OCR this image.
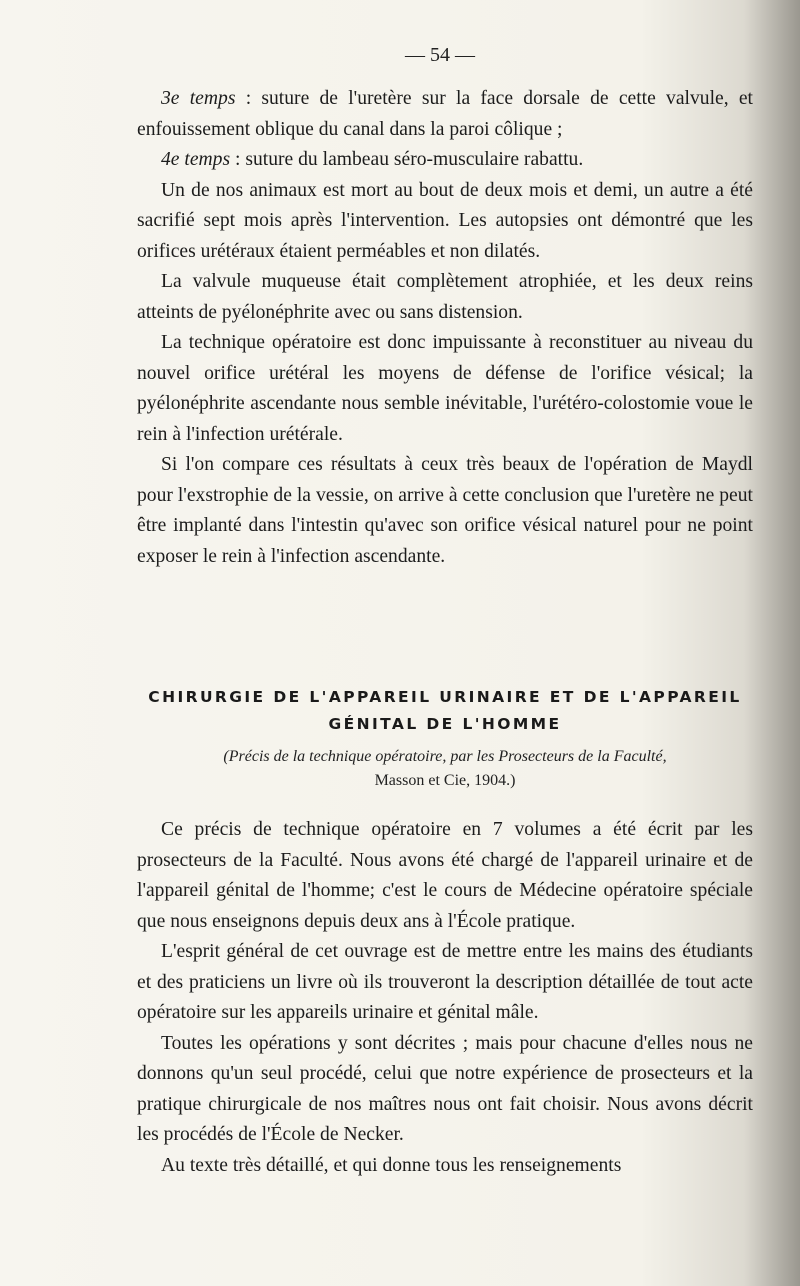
— 54 —

3e temps : suture de l'uretère sur la face dorsale de cette valvule, et enfouissement oblique du canal dans la paroi côlique ;

4e temps : suture du lambeau séro-musculaire rabattu.

Un de nos animaux est mort au bout de deux mois et demi, un autre a été sacrifié sept mois après l'intervention. Les autopsies ont démontré que les orifices urétéraux étaient perméables et non dilatés.

La valvule muqueuse était complètement atrophiée, et les deux reins atteints de pyélonéphrite avec ou sans distension.

La technique opératoire est donc impuissante à reconstituer au niveau du nouvel orifice urétéral les moyens de défense de l'orifice vésical; la pyélonéphrite ascendante nous semble inévitable, l'urétéro-colostomie voue le rein à l'infection urétérale.

Si l'on compare ces résultats à ceux très beaux de l'opération de Maydl pour l'exstrophie de la vessie, on arrive à cette conclusion que l'uretère ne peut être implanté dans l'intestin qu'avec son orifice vésical naturel pour ne point exposer le rein à l'infection ascendante.

CHIRURGIE DE L'APPAREIL URINAIRE ET DE L'APPAREIL
GÉNITAL DE L'HOMME
(Précis de la technique opératoire, par les Prosecteurs de la Faculté,
Masson et Cie, 1904.)

Ce précis de technique opératoire en 7 volumes a été écrit par les prosecteurs de la Faculté. Nous avons été chargé de l'appareil urinaire et de l'appareil génital de l'homme; c'est le cours de Médecine opératoire spéciale que nous enseignons depuis deux ans à l'École pratique.

L'esprit général de cet ouvrage est de mettre entre les mains des étudiants et des praticiens un livre où ils trouveront la description détaillée de tout acte opératoire sur les appareils urinaire et génital mâle.

Toutes les opérations y sont décrites ; mais pour chacune d'elles nous ne donnons qu'un seul procédé, celui que notre expérience de prosecteurs et la pratique chirurgicale de nos maîtres nous ont fait choisir. Nous avons décrit les procédés de l'École de Necker.

Au texte très détaillé, et qui donne tous les renseignements
